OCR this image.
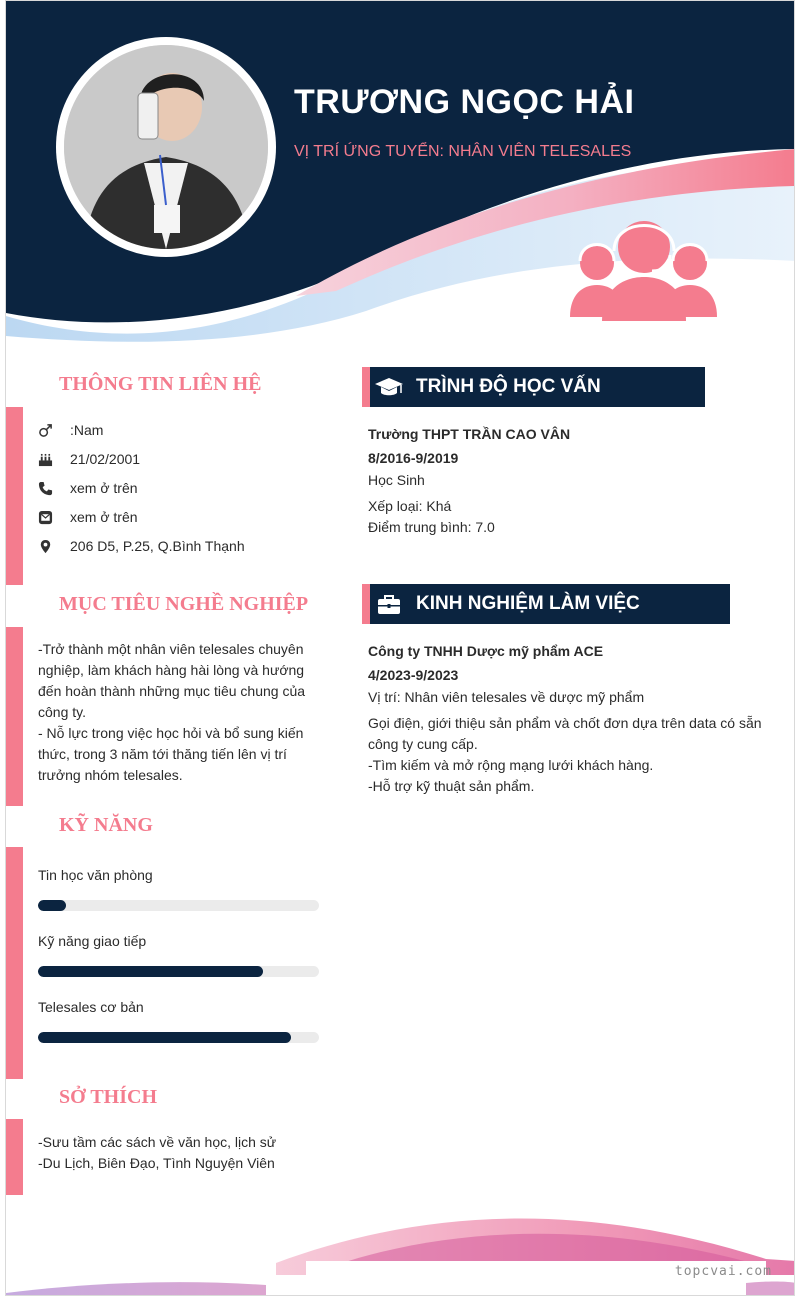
TRƯƠNG NGỌC HẢI
VỊ TRÍ ỨNG TUYỂN: NHÂN VIÊN TELESALES
THÔNG TIN LIÊN HỆ
:Nam
21/02/2001
xem ở trên
xem ở trên
206 D5, P.25, Q.Bình Thạnh
MỤC TIÊU NGHỀ NGHIỆP
-Trở thành một nhân viên telesales chuyên
nghiệp, làm khách hàng hài lòng và hướng
đến hoàn thành những mục tiêu chung của
công ty.
- Nỗ lực trong việc học hỏi và bổ sung kiến
thức, trong 3 năm tới thăng tiến lên vị trí
trưởng nhóm telesales.
KỸ NĂNG
Tin học văn phòng
Kỹ năng giao tiếp
Telesales cơ bản
SỞ THÍCH
-Sưu tầm các sách về văn học, lịch sử
-Du Lịch, Biên Đạo, Tình Nguyện Viên
TRÌNH ĐỘ HỌC VẤN
Trường THPT TRẦN CAO VÂN
8/2016-9/2019
Học Sinh
Xếp loại: Khá
Điểm trung bình: 7.0
KINH NGHIỆM LÀM VIỆC
Công ty TNHH Dược mỹ phẩm ACE
4/2023-9/2023
Vị trí: Nhân viên telesales về dược mỹ phẩm
Gọi điện, giới thiệu sản phẩm và chốt đơn dựa trên data có sẵn công ty cung cấp.
-Tìm kiếm và mở rộng mạng lưới khách hàng.
-Hỗ trợ kỹ thuật sản phẩm.
topcvai.com
